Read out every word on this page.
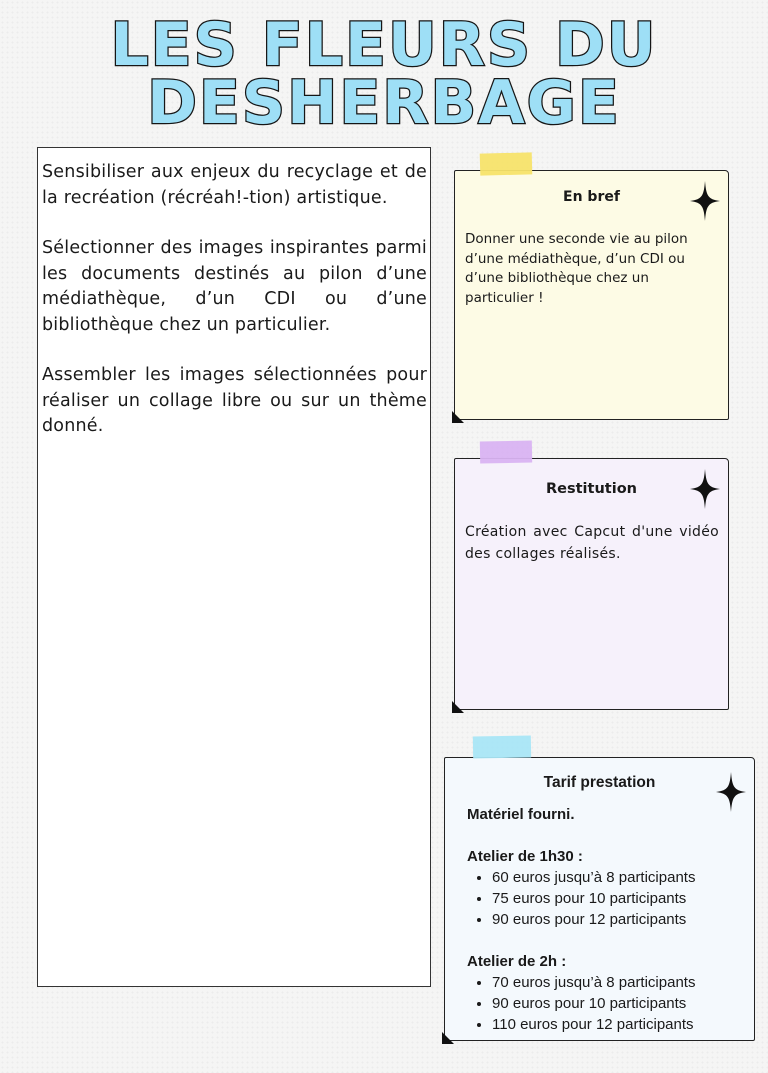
LES FLEURS DU
DESHERBAGE

Sensibiliser aux enjeux du recyclage et de la recréation (récréah!-tion) artistique.

Sélectionner des images inspirantes parmi les documents destinés au pilon d’une médiathèque, d’un CDI ou d’une bibliothèque chez un particulier.

Assembler les images sélectionnées pour réaliser un collage libre ou sur un thème donné.

En bref
Donner une seconde vie au pilon d’une médiathèque, d’un CDI ou d’une bibliothèque chez un particulier !
Restitution
Création avec Capcut d'une vidéo des collages réalisés.
Tarif prestation
Matériel fourni.
Atelier de 1h30 :
• 60 euros jusqu’à 8 participants
• 75 euros pour 10 participants
• 90 euros pour 12 participants
Atelier de 2h :
• 70 euros jusqu’à 8 participants
• 90 euros pour 10 participants
• 110 euros pour 12 participants
